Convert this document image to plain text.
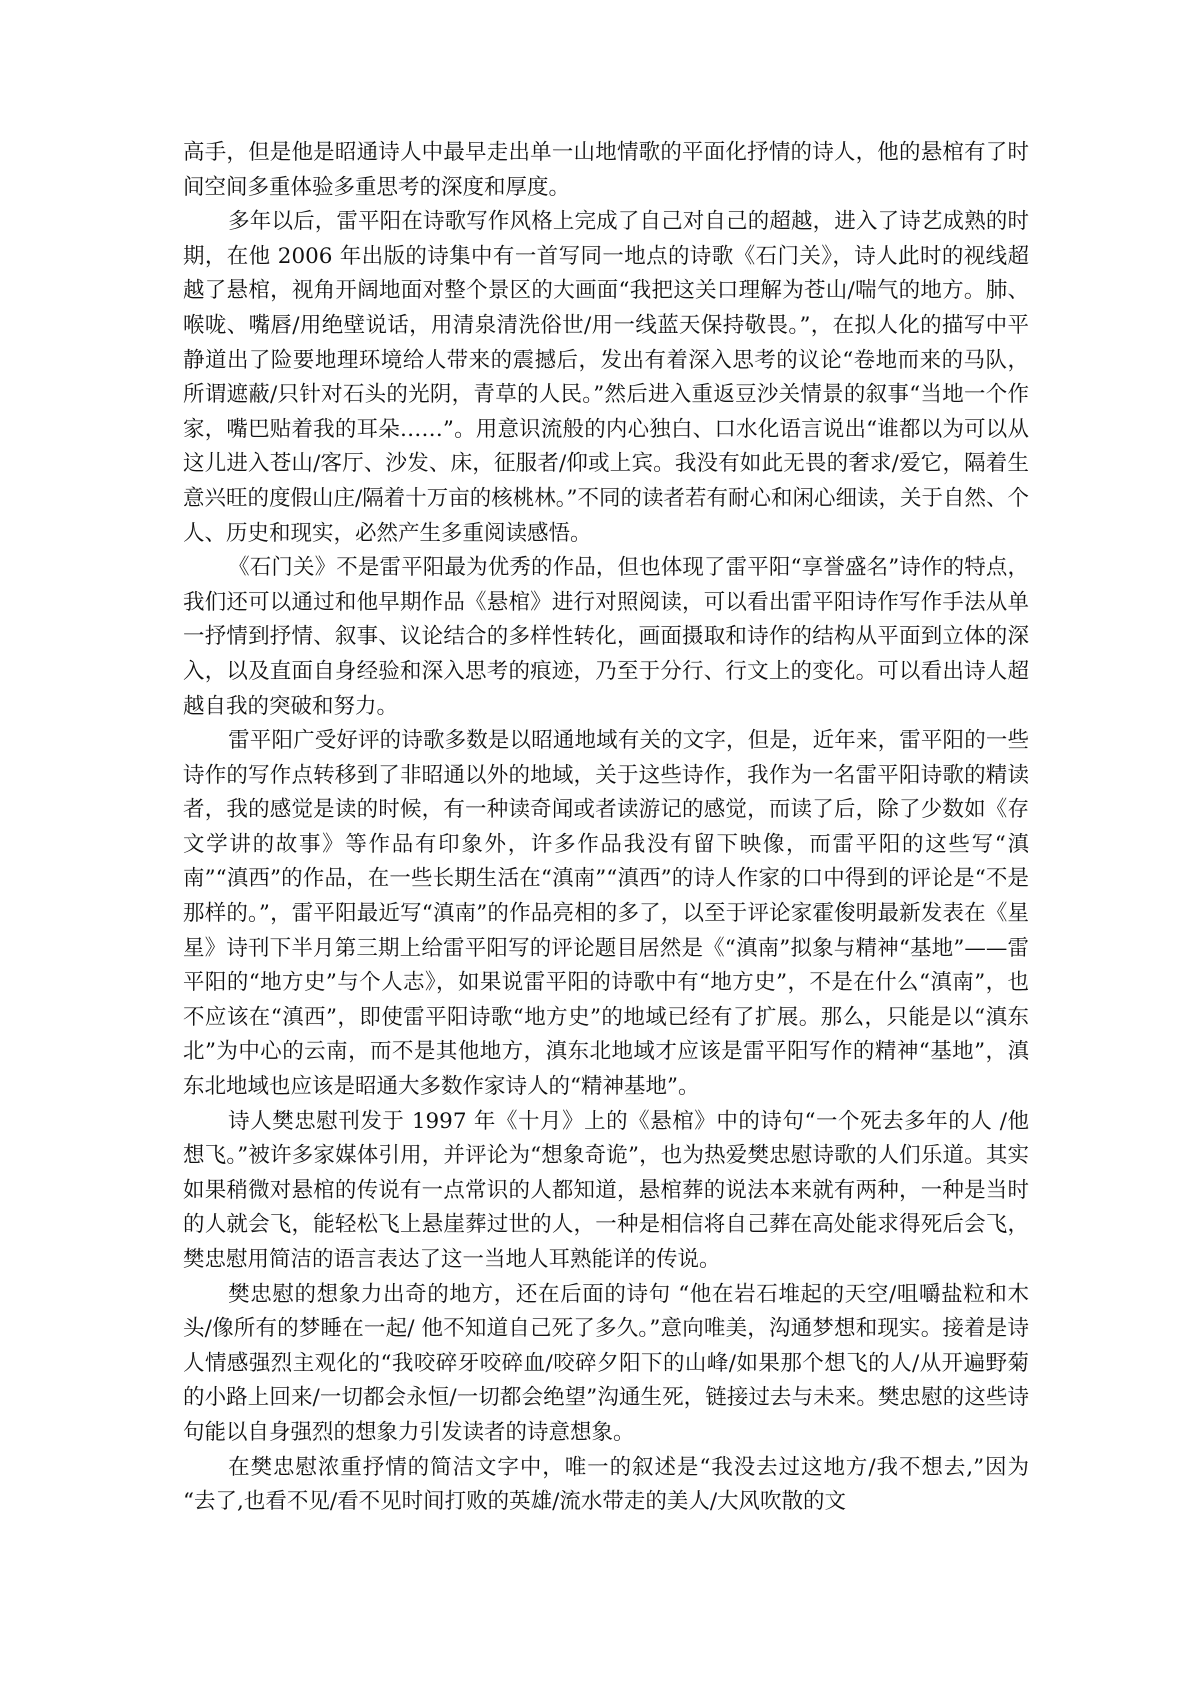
高手，但是他是昭通诗人中最早走出单一山地情歌的平面化抒情的诗人，他的悬棺有了时间空间多重体验多重思考的深度和厚度。

多年以后，雷平阳在诗歌写作风格上完成了自己对自己的超越，进入了诗艺成熟的时期，在他 2006 年出版的诗集中有一首写同一地点的诗歌《石门关》，诗人此时的视线超越了悬棺，视角开阔地面对整个景区的大画面“我把这关口理解为苍山/喘气的地方。肺、喉咙、嘴唇/用绝壁说话，用清泉清洗俗世/用一线蓝天保持敬畏。”，在拟人化的描写中平静道出了险要地理环境给人带来的震撼后，发出有着深入思考的议论“卷地而来的马队，所谓遮蔽/只针对石头的光阴，青草的人民。”然后进入重返豆沙关情景的叙事“当地一个作家，嘴巴贴着我的耳朵……”。用意识流般的内心独白、口水化语言说出“谁都以为可以从这儿进入苍山/客厅、沙发、床，征服者/仰或上宾。我没有如此无畏的奢求/爱它，隔着生意兴旺的度假山庄/隔着十万亩的核桃林。”不同的读者若有耐心和闲心细读，关于自然、个人、历史和现实，必然产生多重阅读感悟。

《石门关》不是雷平阳最为优秀的作品，但也体现了雷平阳“享誉盛名”诗作的特点，我们还可以通过和他早期作品《悬棺》进行对照阅读，可以看出雷平阳诗作写作手法从单一抒情到抒情、叙事、议论结合的多样性转化，画面摄取和诗作的结构从平面到立体的深入，以及直面自身经验和深入思考的痕迹，乃至于分行、行文上的变化。可以看出诗人超越自我的突破和努力。

雷平阳广受好评的诗歌多数是以昭通地域有关的文字，但是，近年来，雷平阳的一些诗作的写作点转移到了非昭通以外的地域，关于这些诗作，我作为一名雷平阳诗歌的精读者，我的感觉是读的时候，有一种读奇闻或者读游记的感觉，而读了后，除了少数如《存文学讲的故事》等作品有印象外，许多作品我没有留下映像，而雷平阳的这些写“滇南”“滇西”的作品，在一些长期生活在“滇南”“滇西”的诗人作家的口中得到的评论是“不是那样的。”，雷平阳最近写“滇南”的作品亮相的多了，以至于评论家霍俊明最新发表在《星星》诗刊下半月第三期上给雷平阳写的评论题目居然是《“滇南”拟象与精神“基地”——雷平阳的“地方史”与个人志》，如果说雷平阳的诗歌中有“地方史”，不是在什么“滇南”，也不应该在“滇西”，即使雷平阳诗歌“地方史”的地域已经有了扩展。那么，只能是以“滇东北”为中心的云南，而不是其他地方，滇东北地域才应该是雷平阳写作的精神“基地”，滇东北地域也应该是昭通大多数作家诗人的“精神基地”。

诗人樊忠慰刊发于 1997 年《十月》上的《悬棺》中的诗句“一个死去多年的人 /他想飞。”被许多家媒体引用，并评论为“想象奇诡”，也为热爱樊忠慰诗歌的人们乐道。其实如果稍微对悬棺的传说有一点常识的人都知道，悬棺葬的说法本来就有两种，一种是当时的人就会飞，能轻松飞上悬崖葬过世的人，一种是相信将自己葬在高处能求得死后会飞，樊忠慰用简洁的语言表达了这一当地人耳熟能详的传说。

樊忠慰的想象力出奇的地方，还在后面的诗句 “他在岩石堆起的天空/咀嚼盐粒和木头/像所有的梦睡在一起/ 他不知道自己死了多久。”意向唯美，沟通梦想和现实。接着是诗人情感强烈主观化的“我咬碎牙咬碎血/咬碎夕阳下的山峰/如果那个想飞的人/从开遍野菊的小路上回来/一切都会永恒/一切都会绝望”沟通生死，链接过去与未来。樊忠慰的这些诗句能以自身强烈的想象力引发读者的诗意想象。

在樊忠慰浓重抒情的简洁文字中，唯一的叙述是“我没去过这地方/我不想去,”因为 “去了,也看不见/看不见时间打败的英雄/流水带走的美人/大风吹散的文
